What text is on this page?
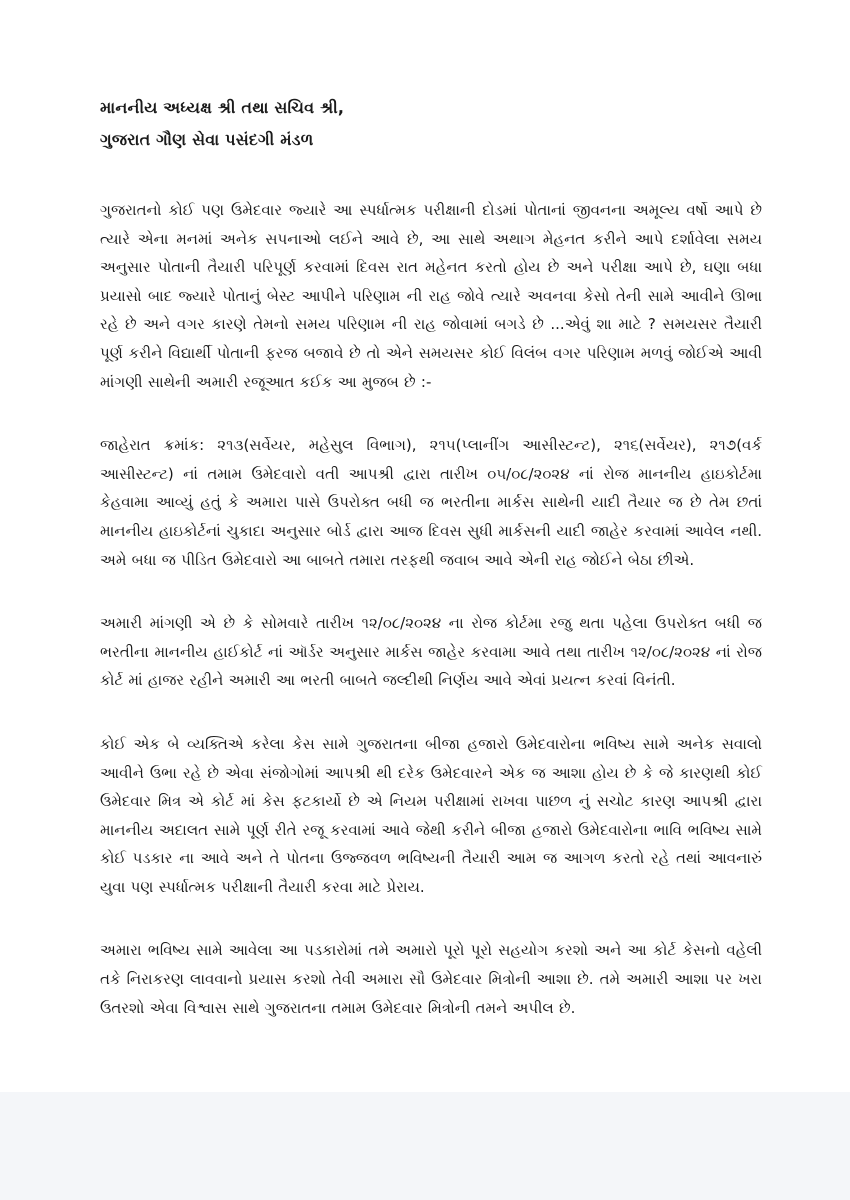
માનનીય અધ્યક્ષ શ્રી તથા સચિવ શ્રી,
ગુજરાત ગૌણ સેવા પસંદગી મંડળ

ગુજરાતનો કોઈ પણ ઉમેદવાર જ્યારે આ સ્પર્ધાત્મક પરીક્ષાની દોડમાં પોતાનાં જીવનના અમૂલ્ય વર્ષો આપે છે ત્યારે એના મનમાં અનેક સપનાઓ લઈને આવે છે, આ સાથે અથાગ મેહનત કરીને આપે દર્શાવેલા સમય અનુસાર પોતાની તૈયારી પરિપૂર્ણ કરવામાં દિવસ રાત મહેનત કરતો હોય છે અને પરીક્ષા આપે છે, ઘણા બધા પ્રયાસો બાદ જ્યારે પોતાનું બેસ્ટ આપીને પરિણામ ની રાહ જોવે ત્યારે અવનવા કેસો તેની સામે આવીને ઊભા રહે છે અને વગર કારણે તેમનો સમય પરિણામ ની રાહ જોવામાં બગડે છે ...એવું શા માટે ? સમયસર તૈયારી પૂર્ણ કરીને વિદ્યાર્થી પોતાની ફરજ બજાવે છે તો એને સમયસર કોઈ વિલંબ વગર પરિણામ મળવું જોઈએ આવી માંગણી સાથેની અમારી રજૂઆત કઈક આ મુજબ છે :-

જાહેરાત ક્રમાંક: ૨૧૩(સર્વેયર, મહેસુલ વિભાગ), ૨૧૫(પ્લાનીંગ આસીસ્ટન્ટ), ૨૧૬(સર્વેયર), ૨૧૭(વર્ક આસીસ્ટન્ટ) નાં તમામ ઉમેદવારો વતી આપશ્રી દ્વારા તારીખ ૦૫/૦૮/૨૦૨૪ નાં રોજ માનનીય હાઇકોર્ટમા કેહવામા આવ્યું હતું કે અમારા પાસે ઉપરોક્ત બધી જ ભરતીના માર્કસ સાથેની યાદી તૈયાર જ છે તેમ છતાં માનનીય હાઇકોર્ટનાં ચુકાદા અનુસાર બોર્ડ દ્વારા આજ દિવસ સુધી માર્કસની યાદી જાહેર કરવામાં આવેલ નથી. અમે બધા જ પીડિત ઉમેદવારો આ બાબતે તમારા તરફથી જવાબ આવે એની રાહ જોઈને બેઠા છીએ.

અમારી માંગણી એ છે કે સોમવારે તારીખ ૧૨/૦૮/૨૦૨૪ ના રોજ કોર્ટમા રજુ થતા પહેલા ઉપરોક્ત બધી જ ભરતીના માનનીય હાઈકોર્ટ નાં ઑર્ડર અનુસાર માર્કસ જાહેર કરવામા આવે તથા તારીખ ૧૨/૦૮/૨૦૨૪ નાં રોજ કોર્ટ માં હાજર રહીને અમારી આ ભરતી બાબતે જલ્દીથી નિર્ણય આવે એવાં પ્રયત્ન કરવાં વિનંતી.

કોઈ એક બે વ્યક્તિએ કરેલા કેસ સામે ગુજરાતના બીજા હજારો ઉમેદવારોના ભવિષ્ય સામે અનેક સવાલો આવીને ઉભા રહે છે એવા સંજોગોમાં આપશ્રી થી દરેક ઉમેદવારને એક જ આશા હોય છે કે જે કારણથી કોઈ ઉમેદવાર મિત્ર એ કોર્ટ માં કેસ ફટકાર્યો છે એ નિયમ પરીક્ષામાં રાખવા પાછળ નું સચોટ કારણ આપશ્રી દ્વારા માનનીય અદાલત સામે પૂર્ણ રીતે રજૂ કરવામાં આવે જેથી કરીને બીજા હજારો ઉમેદવારોના ભાવિ ભવિષ્ય સામે કોઈ પડકાર ના આવે અને તે પોતના ઉજ્જવળ ભવિષ્યની તૈયારી આમ જ આગળ કરતો રહે તથાં આવનારું યુવા પણ સ્પર્ધાત્મક પરીક્ષાની તૈયારી કરવા માટે પ્રેરાય.

અમારા ભવિષ્ય સામે આવેલા આ પડકારોમાં તમે અમારો પૂરો પૂરો સહયોગ કરશો અને આ કોર્ટ કેસનો વહેલી તકે નિરાકરણ લાવવાનો પ્રયાસ કરશો તેવી અમારા સૌ ઉમેદવાર મિત્રોની આશા છે. તમે અમારી આશા પર ખરા ઉતરશો એવા વિશ્વાસ સાથે ગુજરાતના તમામ ઉમેદવાર મિત્રોની તમને અપીલ છે.
